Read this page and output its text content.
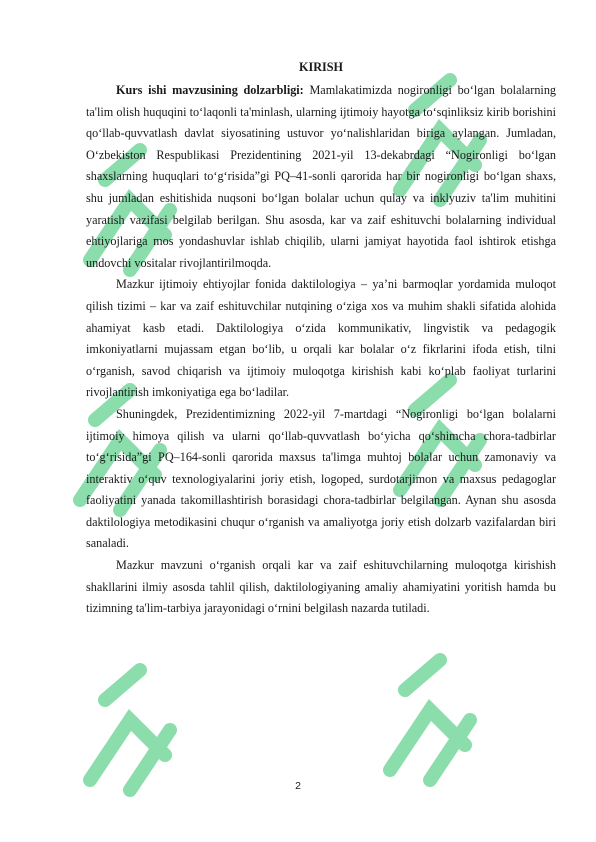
KIRISH

Kurs ishi mavzusining dolzarbligi: Mamlakatimizda nogironligi bo‘lgan bolalarning ta'lim olish huquqini to‘laqonli ta'minlash, ularning ijtimoiy hayotga to‘sqinliksiz kirib borishini qo‘llab-quvvatlash davlat siyosatining ustuvor yo‘nalishlaridan biriga aylangan. Jumladan, O‘zbekiston Respublikasi Prezidentining 2021-yil 13-dekabrdagi “Nogironligi bo‘lgan shaxslarning huquqlari to‘g‘risida”gi PQ–41-sonli qarorida har bir nogironligi bo‘lgan shaxs, shu jumladan eshitishida nuqsoni bo‘lgan bolalar uchun qulay va inklyuziv ta'lim muhitini yaratish vazifasi belgilab berilgan. Shu asosda, kar va zaif eshituvchi bolalarning individual ehtiyojlariga mos yondashuvlar ishlab chiqilib, ularni jamiyat hayotida faol ishtirok etishga undovchi vositalar rivojlantirilmoqda.

Mazkur ijtimoiy ehtiyojlar fonida daktilologiya – ya’ni barmoqlar yordamida muloqot qilish tizimi – kar va zaif eshituvchilar nutqining o‘ziga xos va muhim shakli sifatida alohida ahamiyat kasb etadi. Daktilologiya o‘zida kommunikativ, lingvistik va pedagogik imkoniyatlarni mujassam etgan bo‘lib, u orqali kar bolalar o‘z fikrlarini ifoda etish, tilni o‘rganish, savod chiqarish va ijtimoiy muloqotga kirishish kabi ko‘plab faoliyat turlarini rivojlantirish imkoniyatiga ega bo‘ladilar.

Shuningdek, Prezidentimizning 2022-yil 7-martdagi “Nogironligi bo‘lgan bolalarni ijtimoiy himoya qilish va ularni qo‘llab-quvvatlash bo‘yicha qo‘shimcha chora-tadbirlar to‘g‘risida”gi PQ–164-sonli qarorida maxsus ta'limga muhtoj bolalar uchun zamonaviy va interaktiv o‘quv texnologiyalarini joriy etish, logoped, surdotarjimon va maxsus pedagoglar faoliyatini yanada takomillashtirish borasidagi chora-tadbirlar belgilangan. Aynan shu asosda daktilologiya metodikasini chuqur o‘rganish va amaliyotga joriy etish dolzarb vazifalardan biri sanaladi.

Mazkur mavzuni o‘rganish orqali kar va zaif eshituvchilarning muloqotga kirishish shakllarini ilmiy asosda tahlil qilish, daktilologiyaning amaliy ahamiyatini yoritish hamda bu tizimning ta'lim-tarbiya jarayonidagi o‘rnini belgilash nazarda tutiladi.

2
